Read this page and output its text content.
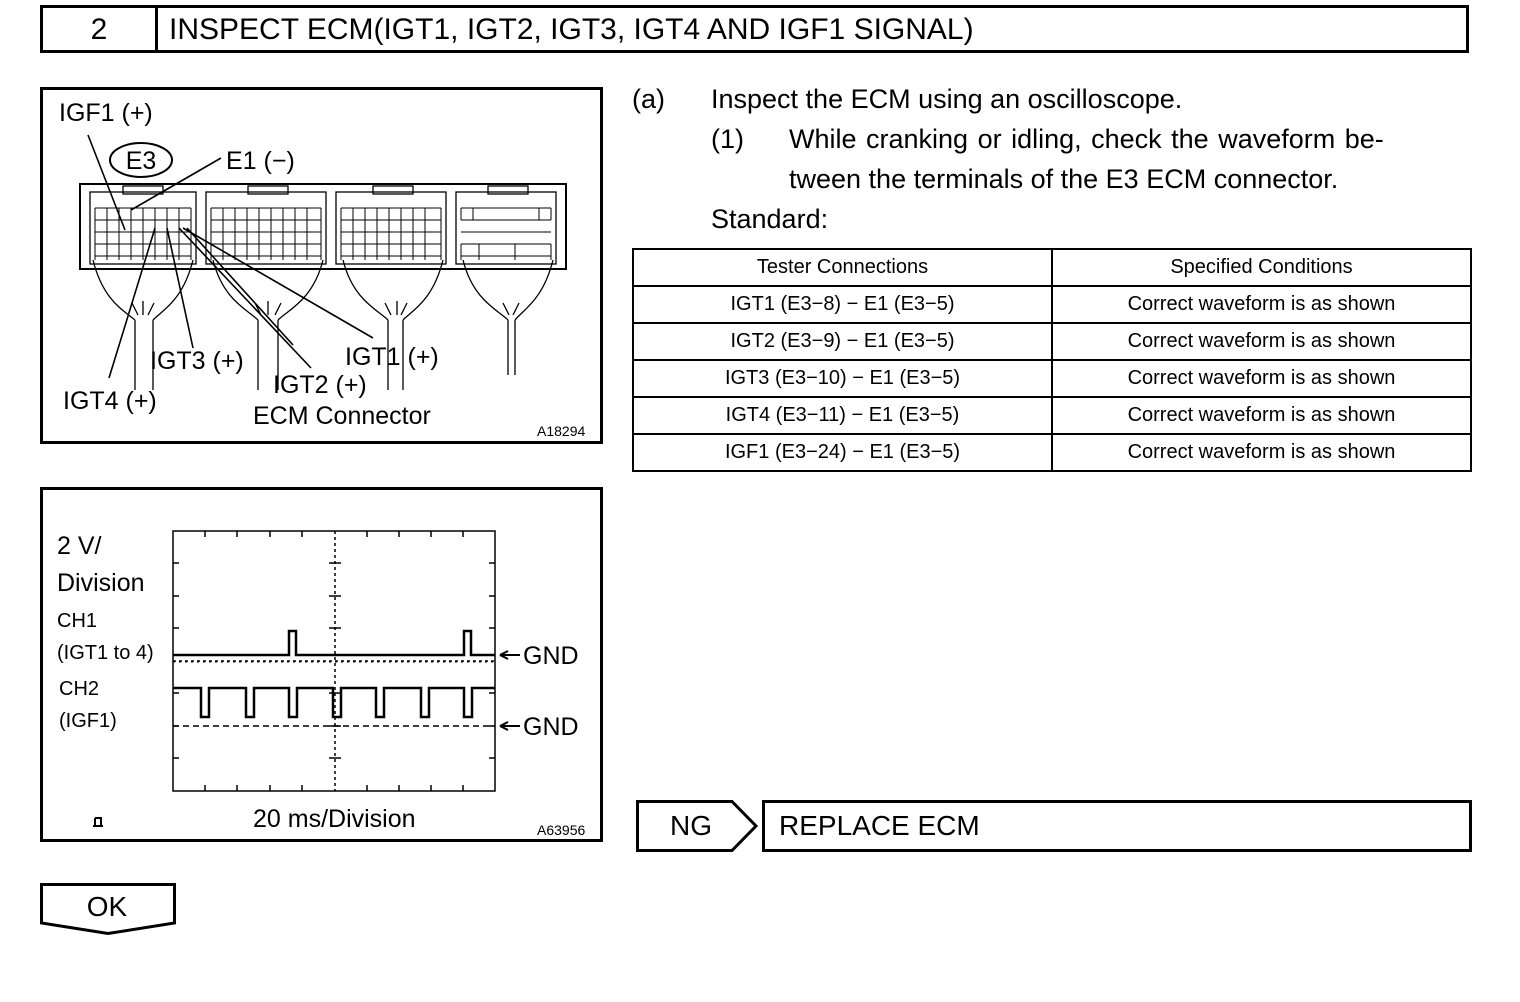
2	INSPECT ECM(IGT1, IGT2, IGT3, IGT4 AND IGF1 SIGNAL)
E3
IGF1 (+)
E1 (−)
IGT3 (+)	IGT1 (+)
IGT2 (+)
IGT4 (+)
ECM Connector
A18294
GND
GND
2 V/
Division
CH1
(IGT1 to 4)
CH2
(IGF1)
20 ms/Division	A63956
(a) Inspect the ECM using an oscilloscope.
(1) While cranking or idling, check the waveform be-
tween the terminals of the E3 ECM connector.
Standard:
Tester Connections	Specified Conditions
IGT1 (E3−8) − E1 (E3−5)	Correct waveform is as shown
IGT2 (E3−9) − E1 (E3−5)	Correct waveform is as shown
IGT3 (E3−10) − E1 (E3−5)	Correct waveform is as shown
IGT4 (E3−11) − E1 (E3−5)	Correct waveform is as shown
IGF1 (E3−24) − E1 (E3−5)	Correct waveform is as shown
NG	REPLACE ECM
OK
